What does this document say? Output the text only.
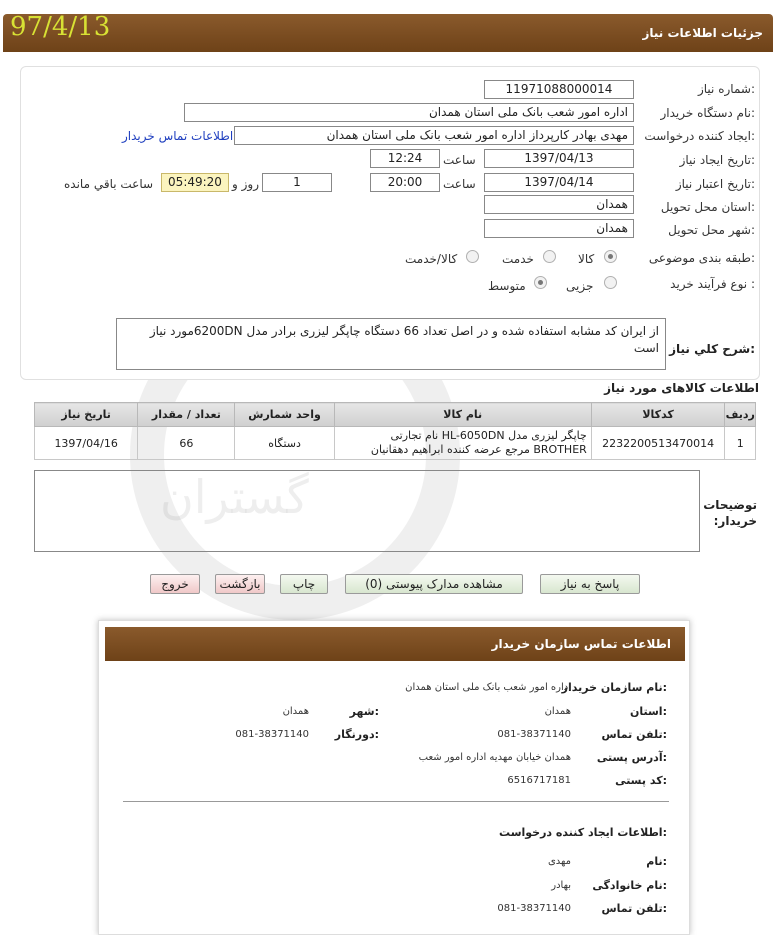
گستران
97/4/13	جزئیات اطلاعات نیاز
شماره نیاز:
11971088000014
نام دستگاه خریدار:
اداره امور شعب بانک ملی استان همدان
ایجاد کننده درخواست:
مهدی بهادر کارپرداز اداره امور شعب بانک ملی استان همدان
اطلاعات تماس خریدار
تاریخ ایجاد نیاز:
1397/04/13
ساعت
12:24
تاریخ اعتبار نیاز:
1397/04/14
ساعت
20:00
1
روز و
05:49:20
ساعت باقي مانده
استان محل تحویل:
همدان
شهر محل تحویل:
همدان
طبقه بندی موضوعی:
کالا
خدمت
کالا/خدمت
نوع فرآیند خرید :
جزیی
متوسط
شرح کلي نياز:
از ایران کد مشابه استفاده شده و در اصل تعداد 66 دستگاه چاپگر لیزری برادر مدل 6200DNمورد نیاز است
اطلاعات کالاهای مورد نیاز
ردیف	کدکالا	نام کالا	واحد شمارش	تعداد / مقدار	تاریخ نیاز
1	2232200513470014	چاپگر لیزری مدل HL-6050DN نام تجارتی BROTHER مرجع عرضه کننده ابراهیم دهقانیان	دستگاه	66	1397/04/16
توضیحات خریدار:
پاسخ به نیاز
مشاهده مدارک پیوستی (0)
چاپ
بازگشت
خروج
اطلاعات تماس سازمان خریدار
نام سازمان خریدار:
اداره امور شعب بانک ملی استان همدان
استان:
همدان
شهر:
همدان
تلفن تماس:
081-38371140
دورنگار:
081-38371140
آدرس پستی:
همدان خیابان مهدیه اداره امور شعب
کد پستی:
6516717181
اطلاعات ایجاد کننده درخواست:
نام:
مهدی
نام خانوادگی:
بهادر
تلفن تماس:
081-38371140
